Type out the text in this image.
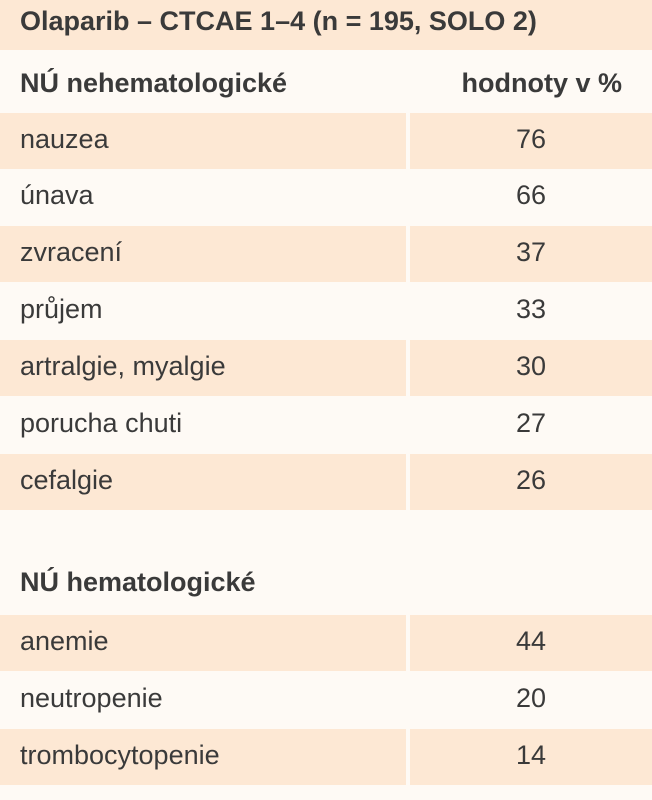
Olaparib – CTCAE 1–4 (n = 195, SOLO 2)
NÚ nehematologické	hodnoty v %
nauzea	76
únava	66
zvracení	37
průjem	33
artralgie, myalgie	30
porucha chuti	27
cefalgie	26
NÚ hematologické
anemie	44
neutropenie	20
trombocytopenie	14
